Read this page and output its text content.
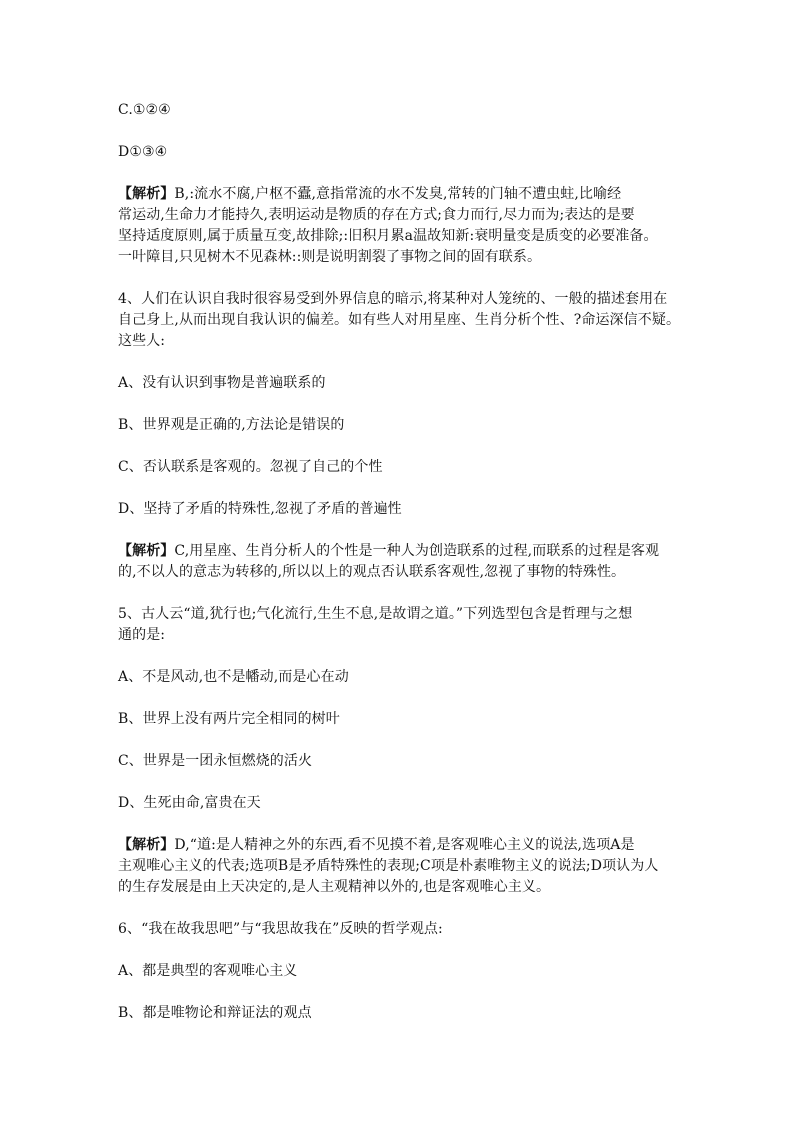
C.①②④
D①③④
【解析】B,:流水不腐,户枢不蠹,意指常流的水不发臭,常转的门轴不遭虫蛀,比喻经
常运动,生命力才能持久,表明运动是物质的存在方式;食力而行,尽力而为;表达的是要
坚持适度原则,属于质量互变,故排除;:旧积月累a温故知新:衰明量变是质变的必要准备。
一叶障目,只见树木不见森林::则是说明割裂了事物之间的固有联系。
4、人们在认识自我时很容易受到外界信息的暗示,将某种对人笼统的、一般的描述套用在
自己身上,从而出现自我认识的偏差。如有些人对用星座、生肖分析个性、?命运深信不疑。
这些人:
A、没有认识到事物是普遍联系的
B、世界观是正确的,方法论是错误的
C、否认联系是客观的。忽视了自己的个性
D、坚持了矛盾的特殊性,忽视了矛盾的普遍性
【解析】C,用星座、生肖分析人的个性是一种人为创造联系的过程,而联系的过程是客观
的,不以人的意志为转移的,所以以上的观点否认联系客观性,忽视了事物的特殊性。
5、古人云“道,犹行也;气化流行,生生不息,是故谓之道。”下列选型包含是哲理与之想
通的是:
A、不是风动,也不是幡动,而是心在动
B、世界上没有两片完全相同的树叶
C、世界是一团永恒燃烧的活火
D、生死由命,富贵在天
【解析】D,“道:是人精神之外的东西,看不见摸不着,是客观唯心主义的说法,选项A是
主观唯心主义的代表;选项B是矛盾特殊性的表现;C项是朴素唯物主义的说法;D项认为人
的生存发展是由上天决定的,是人主观精神以外的,也是客观唯心主义。
6、“我在故我思吧”与“我思故我在”反映的哲学观点:
A、都是典型的客观唯心主义
B、都是唯物论和辩证法的观点
